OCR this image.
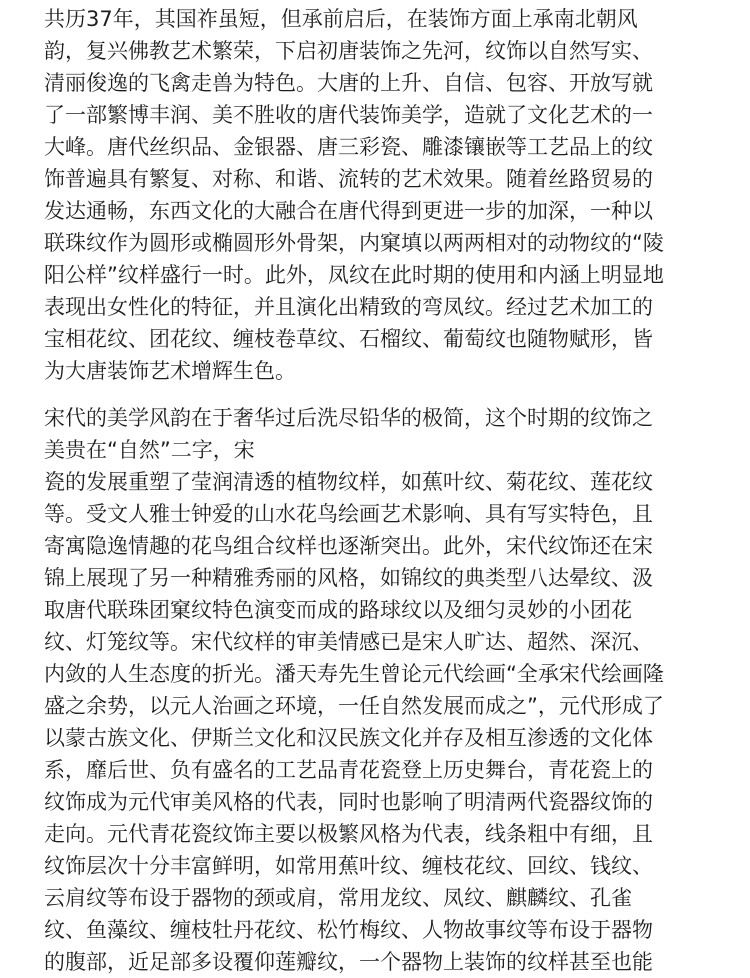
共历37年，其国祚虽短，但承前启后，在装饰方面上承南北朝风
韵，复兴佛教艺术繁荣，下启初唐装饰之先河，纹饰以自然写实、
清丽俊逸的飞禽走兽为特色。大唐的上升、自信、包容、开放写就
了一部繁博丰润、美不胜收的唐代装饰美学，造就了文化艺术的一
大峰。唐代丝织品、金银器、唐三彩瓷、雕漆镶嵌等工艺品上的纹
饰普遍具有繁复、对称、和谐、流转的艺术效果。随着丝路贸易的
发达通畅，东西文化的大融合在唐代得到更进一步的加深，一种以
联珠纹作为圆形或椭圆形外骨架，内窠填以两两相对的动物纹的“陵
阳公样”纹样盛行一时。此外，凤纹在此时期的使用和内涵上明显地
表现出女性化的特征，并且演化出精致的弯凤纹。经过艺术加工的
宝相花纹、团花纹、缠枝卷草纹、石榴纹、葡萄纹也随物赋形，皆
为大唐装饰艺术增辉生色。
宋代的美学风韵在于奢华过后洗尽铅华的极简，这个时期的纹饰之
美贵在“自然”二字，宋
瓷的发展重塑了莹润清透的植物纹样，如蕉叶纹、菊花纹、莲花纹
等。受文人雅士钟爱的山水花鸟绘画艺术影响、具有写实特色，且
寄寓隐逸情趣的花鸟组合纹样也逐渐突出。此外，宋代纹饰还在宋
锦上展现了另一种精雅秀丽的风格，如锦纹的典类型八达晕纹、汲
取唐代联珠团窠纹特色演变而成的路球纹以及细匀灵妙的小团花
纹、灯笼纹等。宋代纹样的审美情感已是宋人旷达、超然、深沉、
内敛的人生态度的折光。潘天寿先生曾论元代绘画“全承宋代绘画隆
盛之余势，以元人治画之环境，一任自然发展而成之”，元代形成了
以蒙古族文化、伊斯兰文化和汉民族文化并存及相互渗透的文化体
系，靡后世、负有盛名的工艺品青花瓷登上历史舞台，青花瓷上的
纹饰成为元代审美风格的代表，同时也影响了明清两代瓷器纹饰的
走向。元代青花瓷纹饰主要以极繁风格为代表，线条粗中有细，且
纹饰层次十分丰富鲜明，如常用蕉叶纹、缠枝花纹、回纹、钱纹、
云肩纹等布设于器物的颈或肩，常用龙纹、凤纹、麒麟纹、孔雀
纹、鱼藻纹、缠枝牡丹花纹、松竹梅纹、人物故事纹等布设于器物
的腹部，近足部多设覆仰莲瓣纹，一个器物上装饰的纹样甚至也能
